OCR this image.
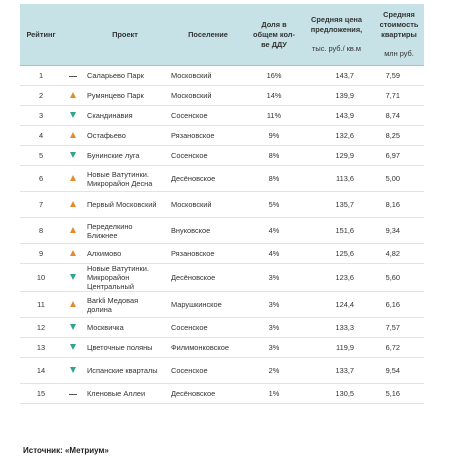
Рейтинг		Проект	Поселение	Доля в общем кол-ве ДДУ	Средняя цена предложения,
тыс. руб./ кв.м	Средняя стоимость квартиры
млн руб.

1		Саларьево Парк	Московский	16%	143,7	7,59
2		Румянцево Парк	Московский	14%	139,9	7,71
3		Скандинавия	Сосенское	11%	143,9	8,74
4		Остафьево	Рязановское	9%	132,6	8,25
5		Бунинские луга	Сосенское	8%	129,9	6,97
6		Новые Ватутинки. Микрорайон Десна	Десёновское	8%	113,6	5,00
7		Первый Московский	Московский	5%	135,7	8,16
8		Переделкино Ближнее	Внуковское	4%	151,6	9,34
9		Алхимово	Рязановское	4%	125,6	4,82
10		Новые Ватутинки. Микрорайон Центральный	Десёновское	3%	123,6	5,60
11		Barkli Медовая долина	Марушкинское	3%	124,4	6,16
12		Москвичка	Сосенское	3%	133,3	7,57
13		Цветочные поляны	Филимонковское	3%	119,9	6,72
14		Испанские кварталы	Сосенское	2%	133,7	9,54
15		Кленовые Аллеи	Десёновское	1%	130,5	5,16
Источник: «Метриум»
